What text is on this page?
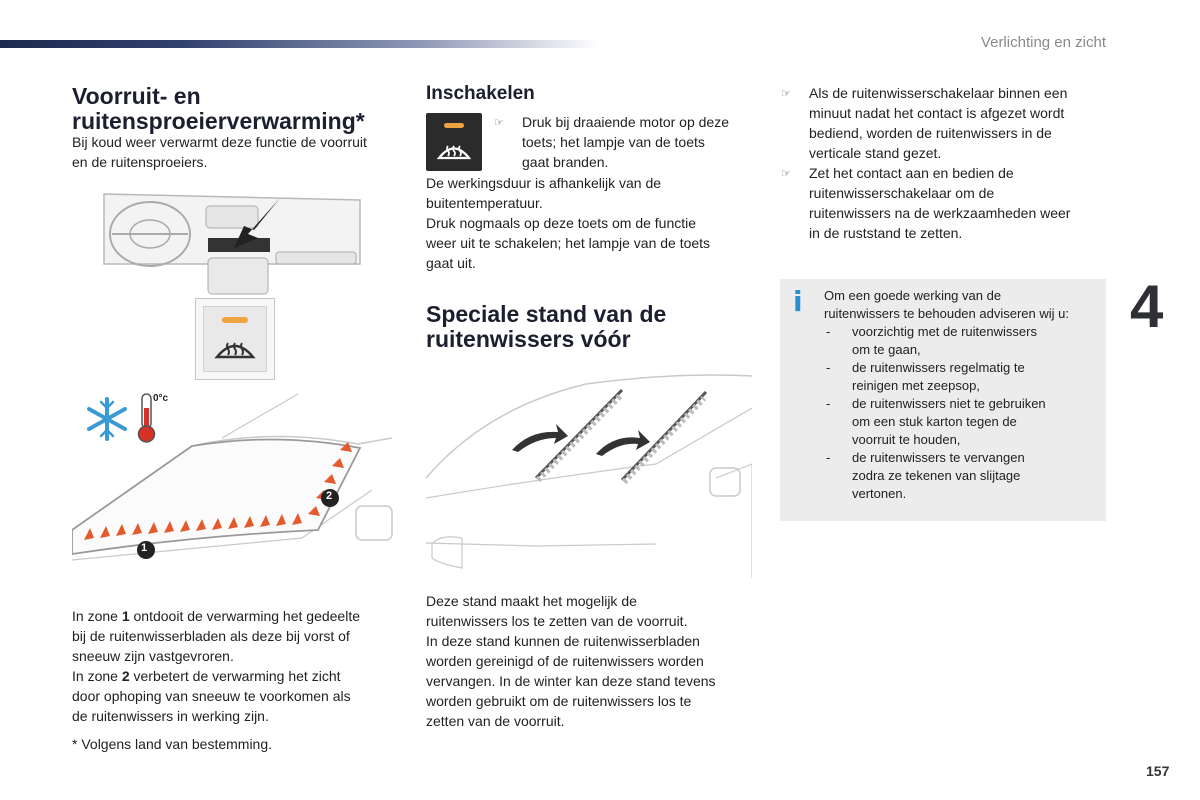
Verlichting en zicht
4
157
Voorruit- en
ruitensproeierverwarming*
Bij koud weer verwarmt deze functie de voorruit
en de ruitensproeiers.
0°c
1
2
In zone 1 ontdooit de verwarming het gedeelte
bij de ruitenwisserbladen als deze bij vorst of
sneeuw zijn vastgevroren.
In zone 2 verbetert de verwarming het zicht
door ophoping van sneeuw te voorkomen als
de ruitenwissers in werking zijn.
* Volgens land van bestemming.
Inschakelen
☞ Druk bij draaiende motor op deze
toets; het lampje van de toets
gaat branden.
De werkingsduur is afhankelijk van de
buitentemperatuur.
Druk nogmaals op deze toets om de functie
weer uit te schakelen; het lampje van de toets
gaat uit.
Speciale stand van de
ruitenwissers vóór
Deze stand maakt het mogelijk de
ruitenwissers los te zetten van de voorruit.
In deze stand kunnen de ruitenwisserbladen
worden gereinigd of de ruitenwissers worden
vervangen. In de winter kan deze stand tevens
worden gebruikt om de ruitenwissers los te
zetten van de voorruit.
☞ Als de ruitenwisserschakelaar binnen een
minuut nadat het contact is afgezet wordt
bediend, worden de ruitenwissers in de
verticale stand gezet.
☞ Zet het contact aan en bedien de
ruitenwisserschakelaar om de
ruitenwissers na de werkzaamheden weer
in de ruststand te zetten.
i Om een goede werking van de
ruitenwissers te behouden adviseren wij u:
- voorzichtig met de ruitenwissers
om te gaan,
- de ruitenwissers regelmatig te
reinigen met zeepsop,
- de ruitenwissers niet te gebruiken
om een stuk karton tegen de
voorruit te houden,
- de ruitenwissers te vervangen
zodra ze tekenen van slijtage
vertonen.
